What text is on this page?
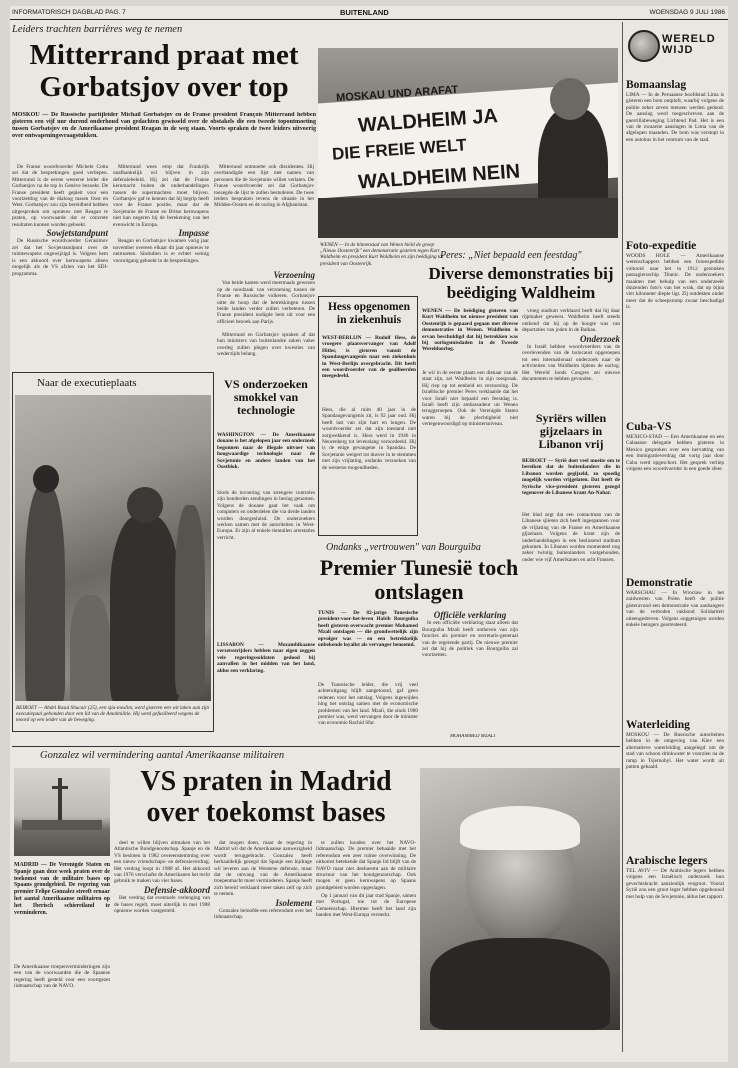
INFORMATORISCH DAGBLAD PAG. 7	BUITENLAND	WOENSDAG 9 JULI 1986
Leiders trachten barrières weg te nemen
Mitterrand praat met Gorbatsjov over top
MOSKOU — De Russische partijleider Michail Gorbatsjov en de Franse president François Mitterrand hebben gisteren een vijf uur durend onderhoud van gedachten gewisseld over de obstakels die een tweede topontmoeting tussen Gorbatsjov en de Amerikaanse president Reagan in de weg staan. Voorts spraken de twee leiders uitvoerig over ontwapeningsvraagstukken.

De Franse woordvoerder Michele Cotta zei dat de besprekingen goed verliepen. Mitterrand is de eerste westerse leider die Gorbatsjov na de top in Genève bezoekt. De Franse president heeft gepleit voor een voortzetting van de dialoog tussen Oost en West. Gorbatsjov zou zijn bereidheid hebben uitgesproken om opnieuw met Reagan te praten, op voorwaarde dat er concrete resultaten kunnen worden geboekt.

Sowjetstandpunt

De Russische woordvoerder Gerasimov zei dat het Sovjetstandpunt over de ruimtewapens ongewijzigd is. Volgens hem is een akkoord over kernwapens alleen mogelijk als de VS afzien van het SDI-programma.

Mitterrand wees erop dat Frankrijk onafhankelijk wil blijven in zijn defensiebeleid. Hij zei dat de Franse kernmacht buiten de onderhandelingen tussen de supermachten moet blijven. Gorbatsjov gaf te kennen dat hij begrip heeft voor de Franse positie, maar dat de Sovjetunie de Franse en Britse kernwapens niet kan negeren bij de berekening van het evenwicht in Europa.

Impasse

Reagan en Gorbatsjov kwamen vorig jaar november overeen elkaar dit jaar opnieuw te ontmoeten. Sindsdien is er echter weinig vooruitgang geboekt in de besprekingen.

Mitterrand ontmoette ook dissidenten. Hij overhandigde een lijst met namen van personen die de Sovjetunie willen verlaten. De Franse woordvoerder zei dat Gorbatsjov toezegde de lijst te zullen bestuderen. De twee leiders bespraken tevens de situatie in het Midden-Oosten en de oorlog in Afghanistan.

Naar de executieplaats
BEIROET — Abdel Rasul Shucair (25), een sjia-moslim, werd gisteren een wit laken aan zijn executiepaal gebonden door een lid van de Amalmilitie. Hij werd gefusilleerd wegens de moord op een leider van de beweging.
Verzoening

Van beide kanten werd meermaals gewezen op de noodzaak van verzoening tussen de Franse en Russische volkeren. Gorbatsjov uitte de hoop dat de betrekkingen tussen beide landen verder zullen verbeteren. De Franse president nodigde hem uit voor een officieel bezoek aan Parijs.

Mitterrand en Gorbatsjov spraken af dat hun ministers van buitenlandse zaken vaker overleg zullen plegen over kwesties van wederzijds belang.

VS onderzoeken smokkel van technologie
WASHINGTON — De Amerikaanse douane is het afgelopen jaar een onderzoek begonnen naar de illegale uitvoer van hoogwaardige technologie naar de Sovjetunie en andere landen van het Oostblok.
Sinds de invoering van strengere controles zijn honderden zendingen in beslag genomen. Volgens de douane gaat het vaak om computers en onderdelen die via derde landen worden doorgesluisd. De onderzoekers werken samen met de autoriteiten in West-Europa. Er zijn al enkele tientallen arrestaties verricht.
LISSABON — Mozambikaanse verzetsstrijders hebben naar eigen zeggen vele regeringssoldaten gedood bij aanvallen in het midden van het land, aldus een verklaring.
MOSKAU UND ARAFAT
WALDHEIM JA
DIE FREIE WELT
WALDHEIM NEIN
WENEN — In de binnenstad van Wenen hield de groep „Nieuw Oostenrijk" een demonstratie gisteren tegen Kurt Waldheim en president Kurt Waldheim en zijn beëdiging tot president van Oostenrijk.
Hess opgenomen in ziekenhuis
WEST-BERLIJN — Rudolf Hess, de vroegere plaatsvervanger van Adolf Hitler, is gisteren vanuit de Spandaugevangenis naar een ziekenhuis in West-Berlijn overgebracht. Dit heeft een woordvoerder van de geallieerden meegedeeld.
Hess, die al ruim 40 jaar in de Spandaugevangenis zit, is 92 jaar oud. Hij heeft last van zijn hart en longen. De woordvoerder zei dat zijn toestand niet zorgwekkend is. Hess werd in 1946 in Neurenberg tot levenslang veroordeeld. Hij is de enige gevangene in Spandau. De Sovjetunie weigert tot dusver in te stemmen met zijn vrijlating, ondanks verzoeken van de westerse mogendheden.
Peres: „Niet bepaald een feestdag"
Diverse demonstraties bij beëdiging Waldheim
WENEN — De beëdiging gisteren van Kurt Waldheim tot nieuwe president van Oostenrijk is gepaard gegaan met diverse demonstraties in Wenen. Waldheim is ervan beschuldigd dat hij betrokken was bij oorlogsmisdaden in de Tweede Wereldoorlog.
Je wil in de eerste plaats een dienaar van de staat zijn, zei Waldheim in zijn toespraak. Hij riep op tot eenheid en verzoening. De Israëlische premier Peres verklaarde dat het voor Israël niet bepaald een feestdag is. Israël heeft zijn ambassadeur uit Wenen teruggeroepen. Ook de Verenigde Staten waren bij de plechtigheid niet vertegenwoordigd op ministersniveau.

vroeg stadium verklaard heeft dat hij daar rijpmaker geweest. Waldheim heeft steeds ontkend dat hij op de hoogte was van deportaties van joden in de Balkan.

Onderzoek

In Israël hebben woordvoerders van de overlevenden van de holocaust opgeroepen tot een internationaal onderzoek naar de activiteiten van Waldheim tijdens de oorlog. Het Wereld Joods Congres zei nieuwe documenten te hebben gevonden.

Syriërs willen gijzelaars in Libanon vrij
BEIROET — Syrië doet veel moeite om te bereiken dat de buitenlanders die in Libanon worden gegijzeld, zo spoedig mogelijk worden vrijgelaten. Dat heeft de Syrische vice-president gisteren gezegd tegenover de Libanese krant An-Nahar.
Het blad zegt dat een contactman van de Libanese sjiieten zich heeft ingespannen voor de vrijlating van de Franse en Amerikaanse gijzelaars. Volgens de krant zijn de onderhandelingen in een beslissend stadium gekomen. In Libanon worden momenteel nog zeker twintig buitenlanders vastgehouden, onder wie vijf Amerikanen en acht Fransen.
Ondanks „vertrouwen" van Bourguiba
Premier Tunesië toch ontslagen
TUNIS — De 82-jarige Tunesische president-voor-het-leven Habib Bourguiba heeft gisteren overwacht premier Mohamed Mzali ontslagen — die grondwettelijk zijn opvolger was — en een betrekkelijk onbekende loyalist als vervanger benoemd.
De Tunesische leider, die vrij veel achteruitgang blijft aangetoond, gaf geen redenen voor het ontslag. Volgens ingewijden hing het ontslag samen met de economische problemen van het land. Mzali, die sinds 1980 premier was, werd vervangen door de minister van economie Rachid Sfar.
Officiële verklaring

In een officiële verklaring staat alleen dat Bourguiba Mzali heeft ontheven van zijn functies als premier en secretaris-generaal van de regerende partij. De nieuwe premier zei dat hij de politiek van Bourguiba zal voortzetten.

MOHAMMED MZALI
WERELD WIJD
Bomaanslag
LIMA — In de Peruaanse hoofdstad Lima is gisteren een bom ontploft, waarbij volgens de politie zeker zeven mensen werden gedood. De aanslag werd toegeschreven aan de guerrillabeweging Lichtend Pad. Het is een van de zwaarste aanslagen in Lima van de afgelopen maanden. De bom was verstopt in een autobus in het centrum van de stad.
Foto-expeditie
WOODS HOLE — Amerikaanse wetenschappers hebben een fotoexpeditie voltooid naar het in 1912 gezonken passagiersschip Titanic. De onderzoekers maakten met behulp van een onderzeeër duizenden foto's van het wrak, dat op bijna vier kilometer diepte ligt. Zij ontdekten onder meer dat de scheepsromp zwaar beschadigd is.
Cuba-VS
MEXICO-STAD — Een Amerikaanse en een Cubaanse delegatie hebben gisteren in Mexico gesproken over een hervatting van een immigratieverdrag dat vorig jaar door Cuba werd opgeschort. Het gesprek verliep volgens een woordvoerder in een goede sfeer.
Demonstratie
WARSCHAU — In Wroclaw in het zuidwesten van Polen heeft de politie gisteravond een demonstratie van aanhangers van de verboden vakbond Solidariteit uiteengedreven. Volgens ooggetuigen werden enkele betogers gearresteerd.
Waterleiding
MOSKOU — De Russische autoriteiten hebben in de omgeving van Kiev een alternatieve waterleiding aangelegd om de stad van schoon drinkwater te voorzien na de ramp in Tsjernobyl. Het water wordt uit putten gehaald.
Arabische legers
TEL AVIV — De Arabische legers hebben volgens een Israëlisch onderzoek hun gevechtskracht aanzienlijk vergroot. Vooral Syrië zou een groot leger hebben opgebouwd met hulp van de Sovjetunie, aldus het rapport.
Gonzalez wil vermindering aantal Amerikaanse militairen
VS praten in Madrid over toekomst bases
MADRID — De Verenigde Staten en Spanje gaan deze week praten over de toekomst van de militaire bases op Spaans grondgebied. De regering van premier Felipe Gonzalez streeft ernaar het aantal Amerikaanse militairen op het Iberisch schiereiland te verminderen.
De Amerikaanse troepenverminderingen zijn een van de voorwaarden die de Spaanse regering heeft gesteld voor een voortgezet lidmaatschap van de NAVO.

deel te willen blijven uitmaken van het Atlantische Bondgenootschap. Spanje en de VS besloten in 1982 overeenstemming over een nieuw vriendschaps- en defensieverdrag. Het verdrag loopt in 1988 af. Het akkoord van 1976 verschafte de Amerikanen het recht gebruik te maken van vier bases.

Defensie-akkoord

Het verdrag dat eventuele verlenging van de bases regelt, moet uiterlijk in mei 1988 opnieuw worden vastgesteld.

dat mogen doen, maar de regering in Madrid wil dat de Amerikaanse aanwezigheid wordt teruggebracht. Gonzalez heeft herhaaldelijk gezegd dat Spanje een bijdrage wil leveren aan de Westerse defensie, maar dat de omvang van de Amerikaanse troepenmacht moet verminderen. Spanje heeft zich bereid verklaard meer taken zelf op zich te nemen.

Isolement

Gonzalez beloofde een referendum over het lidmaatschap.

te zullen houden over het NAVO-lidmaatschap. De premier behaalde met het referendum een zeer ruime overwinning. De uitkomst betekende dat Spanje lid blijft van de NAVO maar niet deelneemt aan de militaire structuur van het bondgenootschap. Ook mogen er geen kernwapens op Spaans grondgebied worden opgeslagen.

Op 1 januari van dit jaar trad Spanje, samen met Portugal, toe tot de Europese Gemeenschap. Hiermee heeft het land zijn banden met West-Europa versterkt.
